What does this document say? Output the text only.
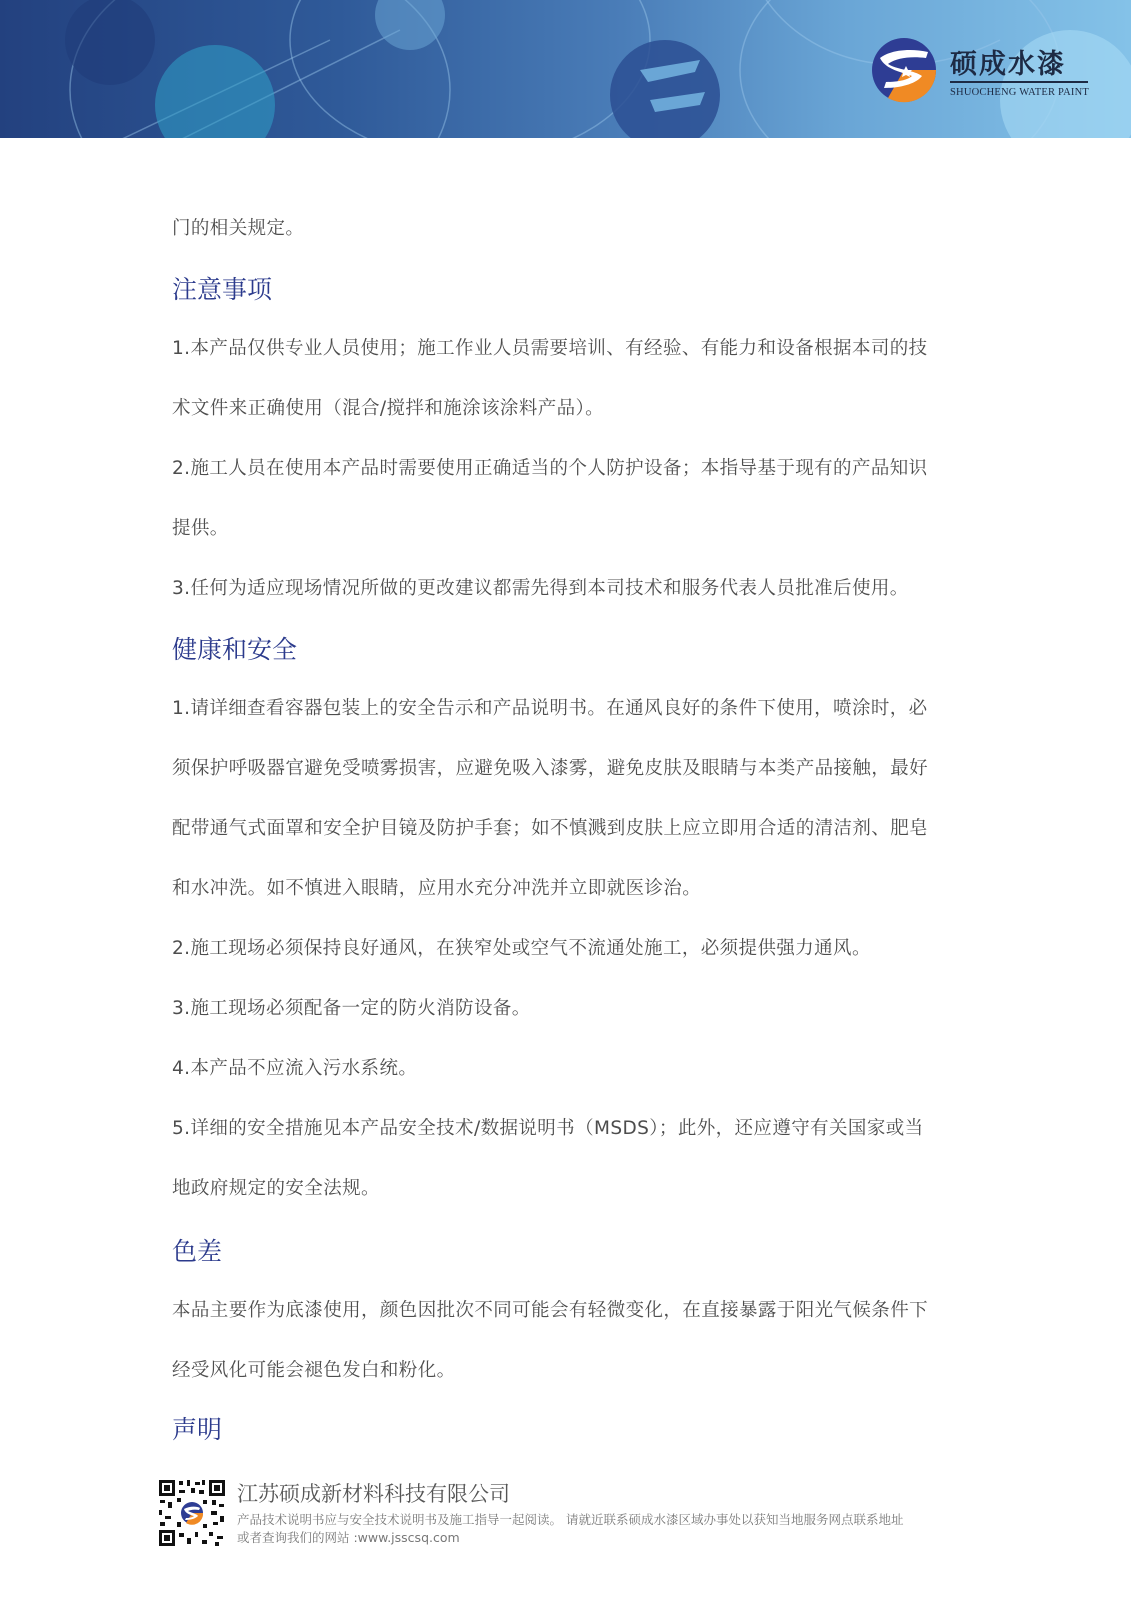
硕成水漆
SHUOCHENG WATER PAINT
门的相关规定。
注意事项
1.本产品仅供专业人员使用；施工作业人员需要培训、有经验、有能力和设备根据本司的技
术文件来正确使用（混合/搅拌和施涂该涂料产品）。
2.施工人员在使用本产品时需要使用正确适当的个人防护设备；本指导基于现有的产品知识
提供。
3.任何为适应现场情况所做的更改建议都需先得到本司技术和服务代表人员批准后使用。
健康和安全
1.请详细查看容器包装上的安全告示和产品说明书。在通风良好的条件下使用，喷涂时，必
须保护呼吸器官避免受喷雾损害，应避免吸入漆雾，避免皮肤及眼睛与本类产品接触，最好
配带通气式面罩和安全护目镜及防护手套；如不慎溅到皮肤上应立即用合适的清洁剂、肥皂
和水冲洗。如不慎进入眼睛，应用水充分冲洗并立即就医诊治。
2.施工现场必须保持良好通风，在狭窄处或空气不流通处施工，必须提供强力通风。
3.施工现场必须配备一定的防火消防设备。
4.本产品不应流入污水系统。
5.详细的安全措施见本产品安全技术/数据说明书（MSDS）；此外，还应遵守有关国家或当
地政府规定的安全法规。
色差
本品主要作为底漆使用，颜色因批次不同可能会有轻微变化，在直接暴露于阳光气候条件下
经受风化可能会褪色发白和粉化。
声明
江苏硕成新材料科技有限公司
产品技术说明书应与安全技术说明书及施工指导一起阅读。 请就近联系硕成水漆区域办事处以获知当地服务网点联系地址
或者查询我们的网站 :www.jsscsq.com
